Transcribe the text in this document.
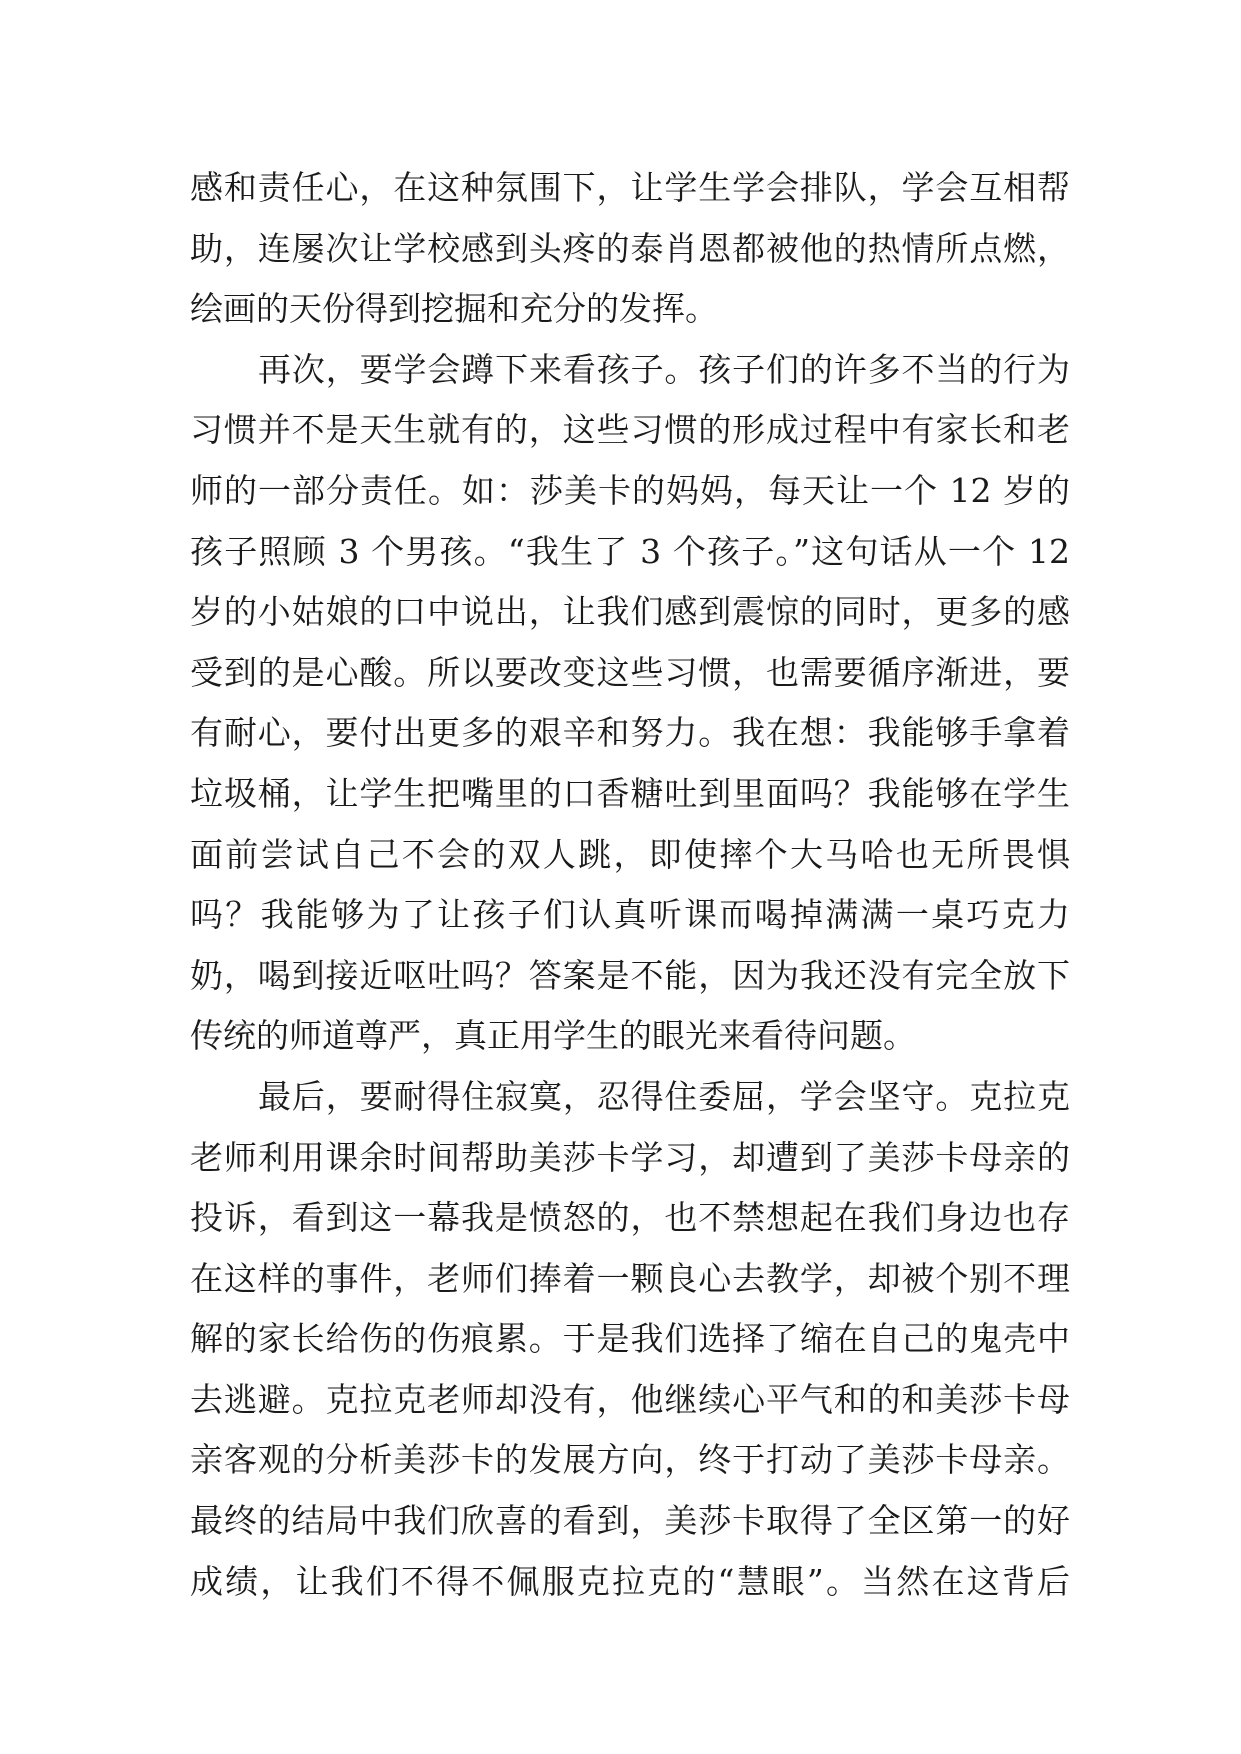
感和责任心，在这种氛围下，让学生学会排队，学会互相帮
助，连屡次让学校感到头疼的泰肖恩都被他的热情所点燃，
绘画的天份得到挖掘和充分的发挥。
再次，要学会蹲下来看孩子。孩子们的许多不当的行为
习惯并不是天生就有的，这些习惯的形成过程中有家长和老
师的一部分责任。如：莎美卡的妈妈，每天让一个 12 岁的
孩子照顾 3 个男孩。“我生了 3 个孩子。”这句话从一个 12
岁的小姑娘的口中说出，让我们感到震惊的同时，更多的感
受到的是心酸。所以要改变这些习惯，也需要循序渐进，要
有耐心，要付出更多的艰辛和努力。我在想：我能够手拿着
垃圾桶，让学生把嘴里的口香糖吐到里面吗？我能够在学生
面前尝试自己不会的双人跳，即使摔个大马哈也无所畏惧
吗？我能够为了让孩子们认真听课而喝掉满满一桌巧克力
奶，喝到接近呕吐吗？答案是不能，因为我还没有完全放下
传统的师道尊严，真正用学生的眼光来看待问题。
最后，要耐得住寂寞，忍得住委屈，学会坚守。克拉克
老师利用课余时间帮助美莎卡学习，却遭到了美莎卡母亲的
投诉，看到这一幕我是愤怒的，也不禁想起在我们身边也存
在这样的事件，老师们捧着一颗良心去教学，却被个别不理
解的家长给伤的伤痕累。于是我们选择了缩在自己的鬼壳中
去逃避。克拉克老师却没有，他继续心平气和的和美莎卡母
亲客观的分析美莎卡的发展方向，终于打动了美莎卡母亲。
最终的结局中我们欣喜的看到，美莎卡取得了全区第一的好
成绩，让我们不得不佩服克拉克的“慧眼”。当然在这背后
